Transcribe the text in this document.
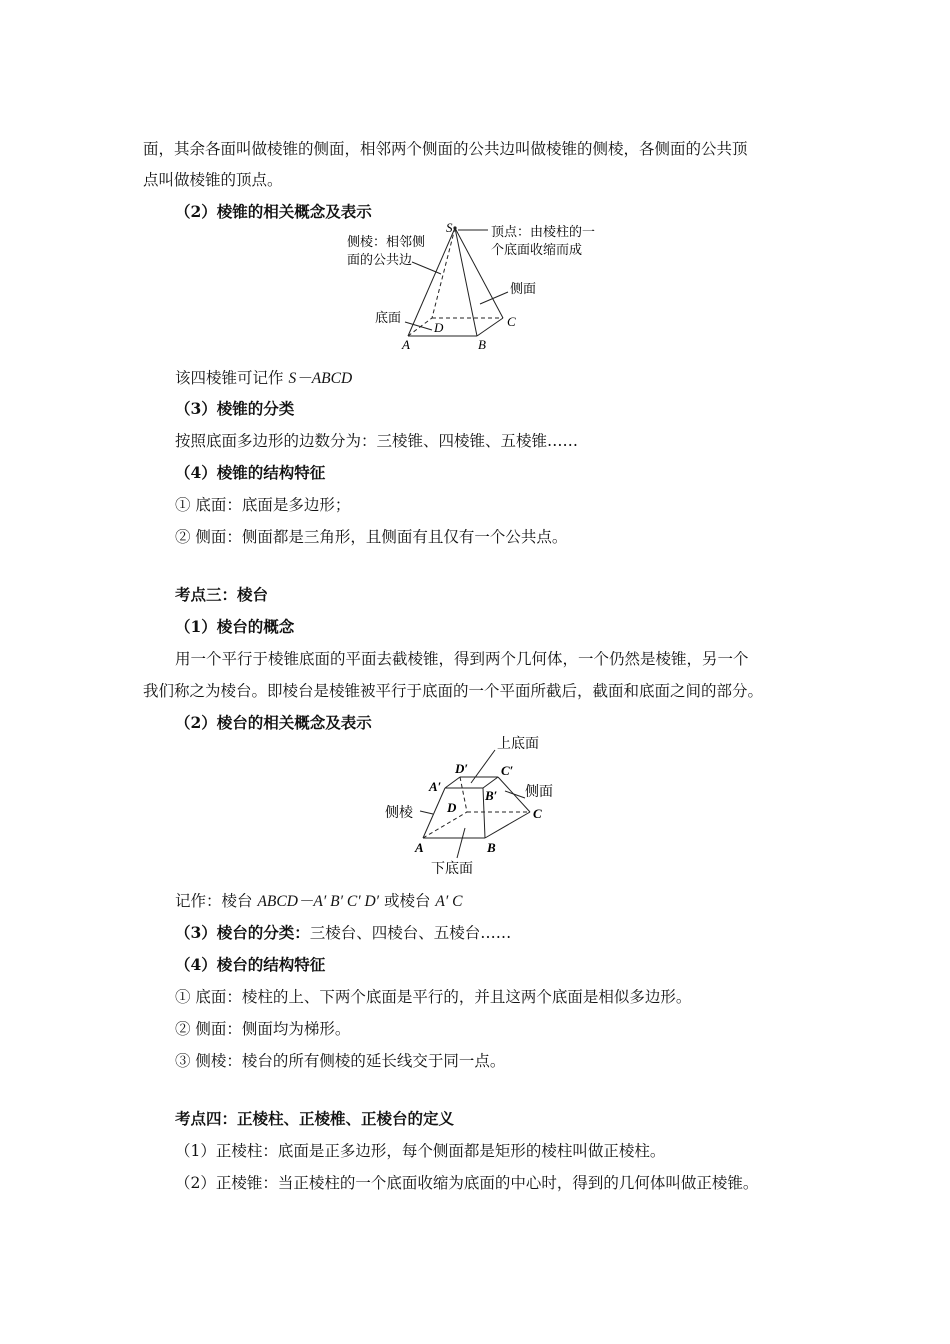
面，其余各面叫做棱锥的侧面，相邻两个侧面的公共边叫做棱锥的侧棱，各侧面的公共顶
点叫做棱锥的顶点。
（2）棱锥的相关概念及表示
S
A	B
C
D
侧棱：相邻侧
面的公共边
顶点：由棱柱的一
个底面收缩而成
侧面
底面
该四棱锥可记作 S－ABCD
（3）棱锥的分类
按照底面多边形的边数分为：三棱锥、四棱锥、五棱锥……
（4）棱锥的结构特征
① 底面：底面是多边形；
② 侧面：侧面都是三角形，且侧面有且仅有一个公共点。
考点三：棱台
（1）棱台的概念
用一个平行于棱锥底面的平面去截棱锥，得到两个几何体，一个仍然是棱锥，另一个
我们称之为棱台。即棱台是棱锥被平行于底面的一个平面所截后，截面和底面之间的部分。
（2）棱台的相关概念及表示
上底面
侧面
侧棱
下底面
D′	C′
A′
B′
D	C
A	B
记作：棱台 ABCD－A′ B′ C′ D′ 或棱台 A′ C
（3）棱台的分类：三棱台、四棱台、五棱台……
（4）棱台的结构特征
① 底面：棱柱的上、下两个底面是平行的，并且这两个底面是相似多边形。
② 侧面：侧面均为梯形。
③ 侧棱：棱台的所有侧棱的延长线交于同一点。
考点四：正棱柱、正棱椎、正棱台的定义
（1）正棱柱：底面是正多边形，每个侧面都是矩形的棱柱叫做正棱柱。
（2）正棱锥：当正棱柱的一个底面收缩为底面的中心时，得到的几何体叫做正棱锥。
